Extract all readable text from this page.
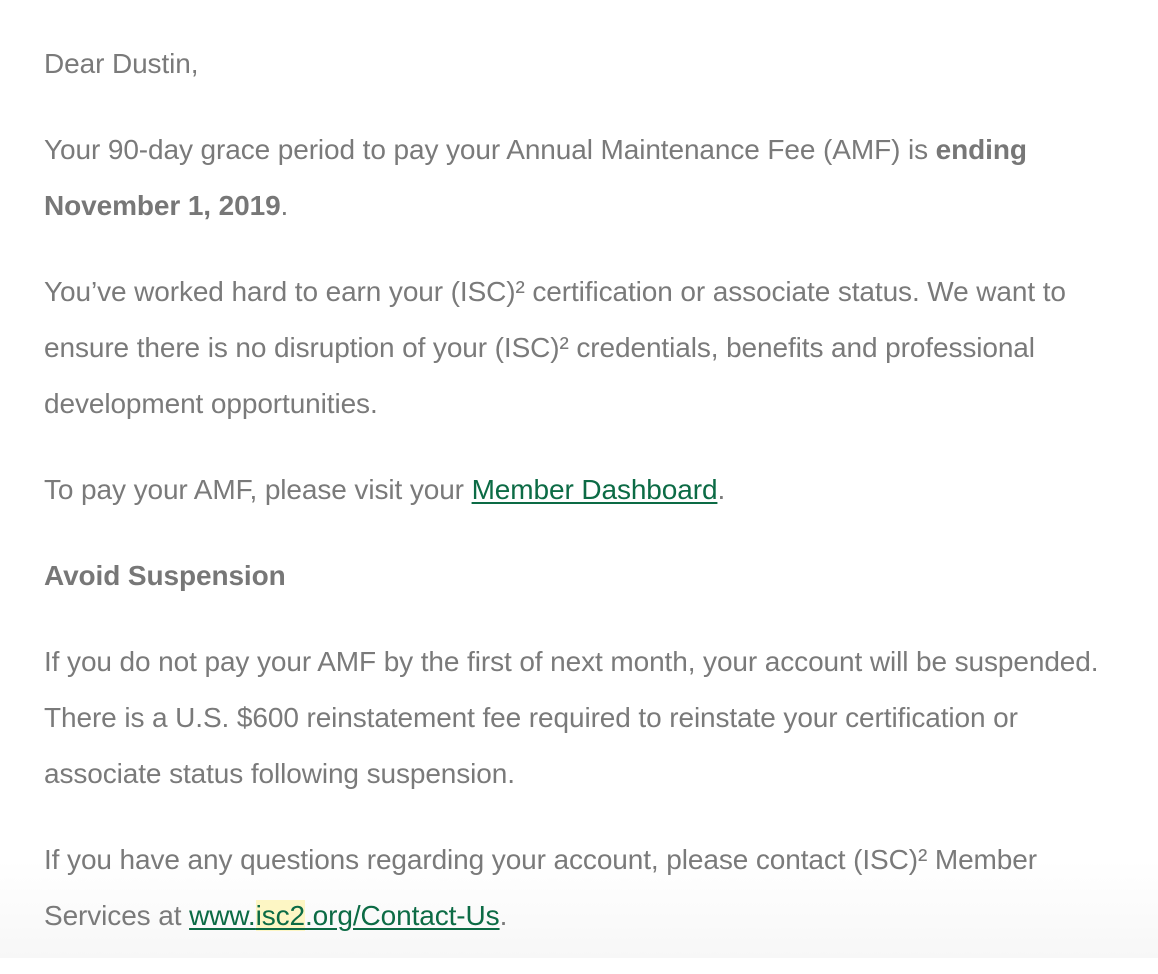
Dear Dustin,

Your 90-day grace period to pay your Annual Maintenance Fee (AMF) is ending November 1, 2019.

You’ve worked hard to earn your (ISC)² certification or associate status. We want to ensure there is no disruption of your (ISC)² credentials, benefits and professional development opportunities.

To pay your AMF, please visit your Member Dashboard.

Avoid Suspension

If you do not pay your AMF by the first of next month, your account will be suspended. There is a U.S. $600 reinstatement fee required to reinstate your certification or associate status following suspension.

If you have any questions regarding your account, please contact (ISC)² Member Services at www.isc2.org/Contact-Us.
